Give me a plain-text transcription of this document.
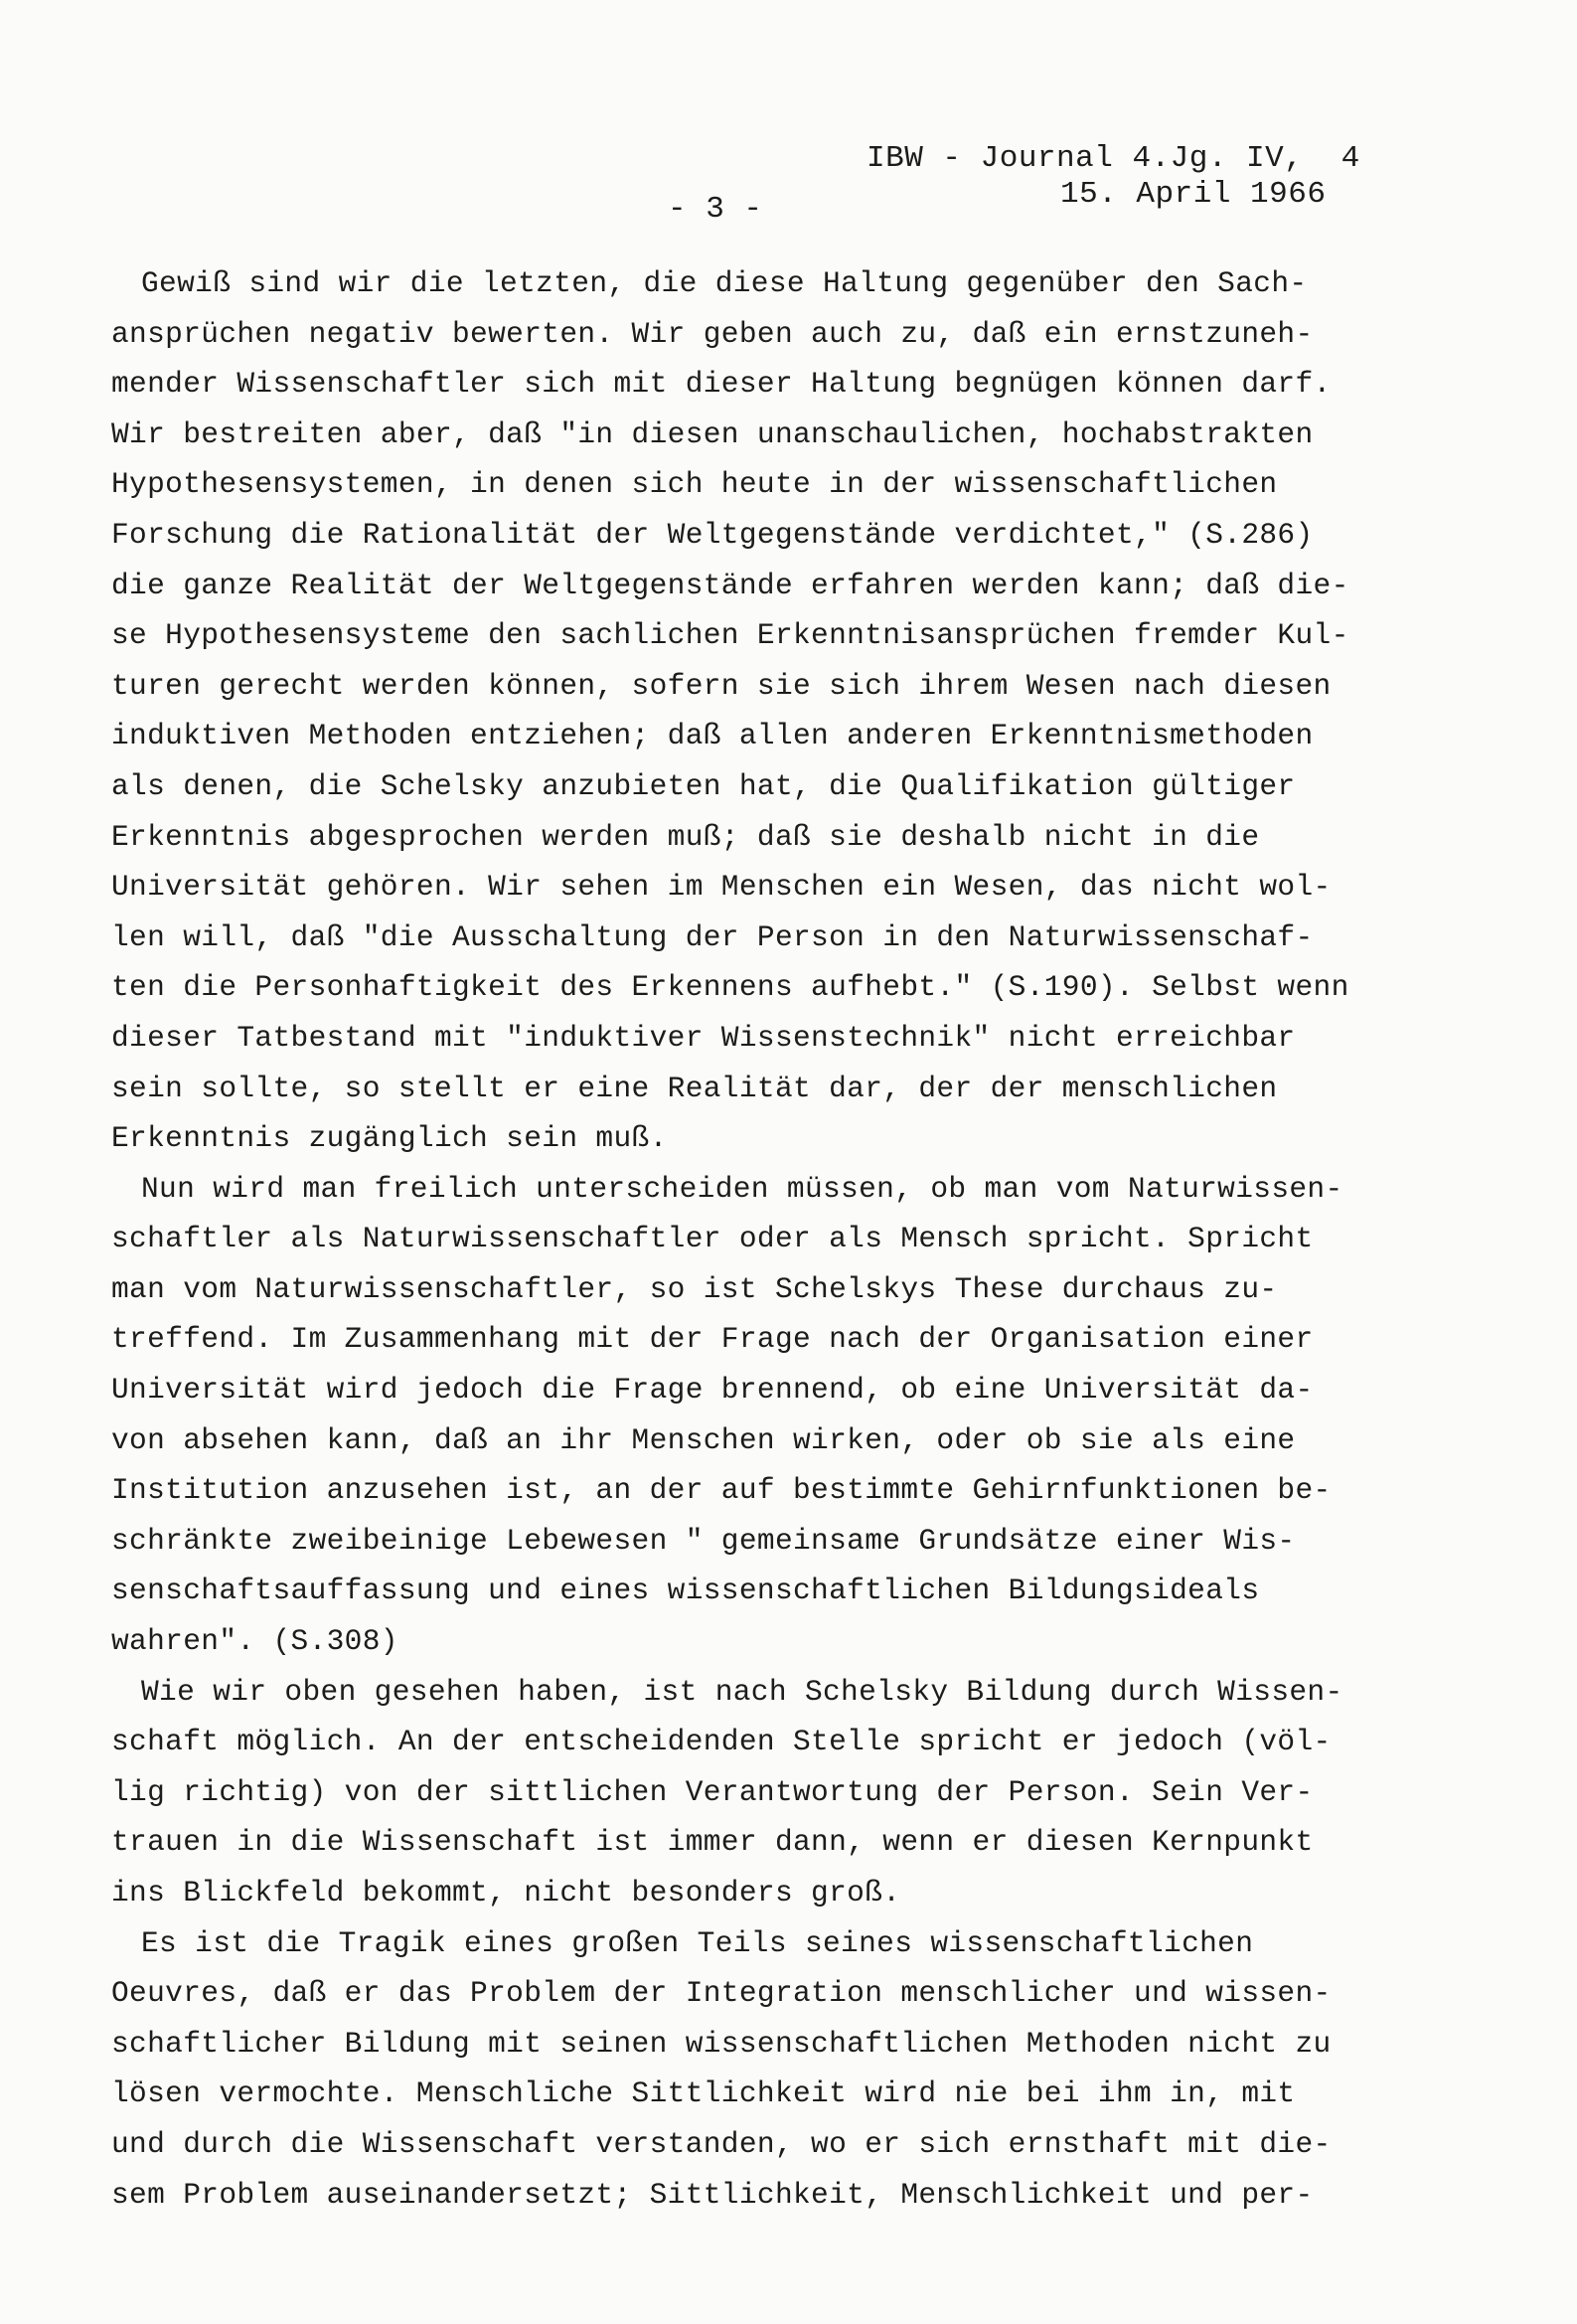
IBW - Journal 4.Jg. IV,  4
- 3 -	15. April 1966
Gewiß sind wir die letzten, die diese Haltung gegenüber den Sach-
ansprüchen negativ bewerten. Wir geben auch zu, daß ein ernstzuneh-
mender Wissenschaftler sich mit dieser Haltung begnügen können darf.
Wir bestreiten aber, daß "in diesen unanschaulichen, hochabstrakten
Hypothesensystemen, in denen sich heute in der wissenschaftlichen
Forschung die Rationalität der Weltgegenstände verdichtet," (S.286)
die ganze Realität der Weltgegenstände erfahren werden kann; daß die-
se Hypothesensysteme den sachlichen Erkenntnisansprüchen fremder Kul-
turen gerecht werden können, sofern sie sich ihrem Wesen nach diesen
induktiven Methoden entziehen; daß allen anderen Erkenntnismethoden
als denen, die Schelsky anzubieten hat, die Qualifikation gültiger
Erkenntnis abgesprochen werden muß; daß sie deshalb nicht in die
Universität gehören. Wir sehen im Menschen ein Wesen, das nicht wol-
len will, daß "die Ausschaltung der Person in den Naturwissenschaf-
ten die Personhaftigkeit des Erkennens aufhebt." (S.190). Selbst wenn
dieser Tatbestand mit "induktiver Wissenstechnik" nicht erreichbar
sein sollte, so stellt er eine Realität dar, der der menschlichen
Erkenntnis zugänglich sein muß.
Nun wird man freilich unterscheiden müssen, ob man vom Naturwissen-
schaftler als Naturwissenschaftler oder als Mensch spricht. Spricht
man vom Naturwissenschaftler, so ist Schelskys These durchaus zu-
treffend. Im Zusammenhang mit der Frage nach der Organisation einer
Universität wird jedoch die Frage brennend, ob eine Universität da-
von absehen kann, daß an ihr Menschen wirken, oder ob sie als eine
Institution anzusehen ist, an der auf bestimmte Gehirnfunktionen be-
schränkte zweibeinige Lebewesen " gemeinsame Grundsätze einer Wis-
senschaftsauffassung und eines wissenschaftlichen Bildungsideals
wahren". (S.308)
Wie wir oben gesehen haben, ist nach Schelsky Bildung durch Wissen-
schaft möglich. An der entscheidenden Stelle spricht er jedoch (völ-
lig richtig) von der sittlichen Verantwortung der Person. Sein Ver-
trauen in die Wissenschaft ist immer dann, wenn er diesen Kernpunkt
ins Blickfeld bekommt, nicht besonders groß.
Es ist die Tragik eines großen Teils seines wissenschaftlichen
Oeuvres, daß er das Problem der Integration menschlicher und wissen-
schaftlicher Bildung mit seinen wissenschaftlichen Methoden nicht zu
lösen vermochte. Menschliche Sittlichkeit wird nie bei ihm in, mit
und durch die Wissenschaft verstanden, wo er sich ernsthaft mit die-
sem Problem auseinandersetzt; Sittlichkeit, Menschlichkeit und per-
